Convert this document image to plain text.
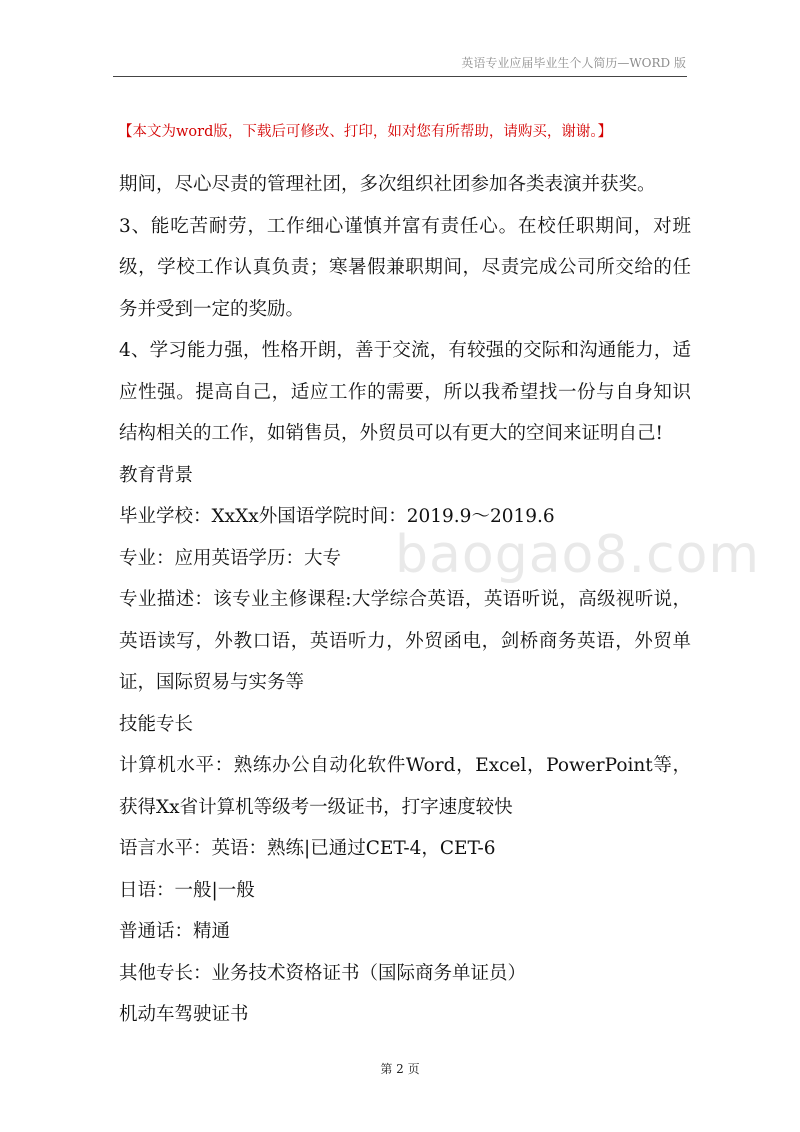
英语专业应届毕业生个人简历—WORD 版
【本文为word版，下载后可修改、打印，如对您有所帮助，请购买，谢谢。】
baogao8.com

期间，尽心尽责的管理社团，多次组织社团参加各类表演并获奖。

3、能吃苦耐劳，工作细心谨慎并富有责任心。在校任职期间，对班级，学校工作认真负责；寒暑假兼职期间，尽责完成公司所交给的任务并受到一定的奖励。

4、学习能力强，性格开朗，善于交流，有较强的交际和沟通能力，适应性强。提高自己，适应工作的需要，所以我希望找一份与自身知识结构相关的工作，如销售员，外贸员可以有更大的空间来证明自己!

教育背景

毕业学校：XxXx外国语学院时间：2019.9～2019.6

专业：应用英语学历：大专

专业描述：该专业主修课程:大学综合英语，英语听说，高级视听说，英语读写，外教口语，英语听力，外贸函电，剑桥商务英语，外贸单证，国际贸易与实务等

技能专长

计算机水平：熟练办公自动化软件Word，Excel，PowerPoint等，获得Xx省计算机等级考一级证书，打字速度较快

语言水平：英语：熟练|已通过CET-4，CET-6

日语：一般|一般

普通话：精通

其他专长：业务技术资格证书（国际商务单证员）

机动车驾驶证书

第 2 页
